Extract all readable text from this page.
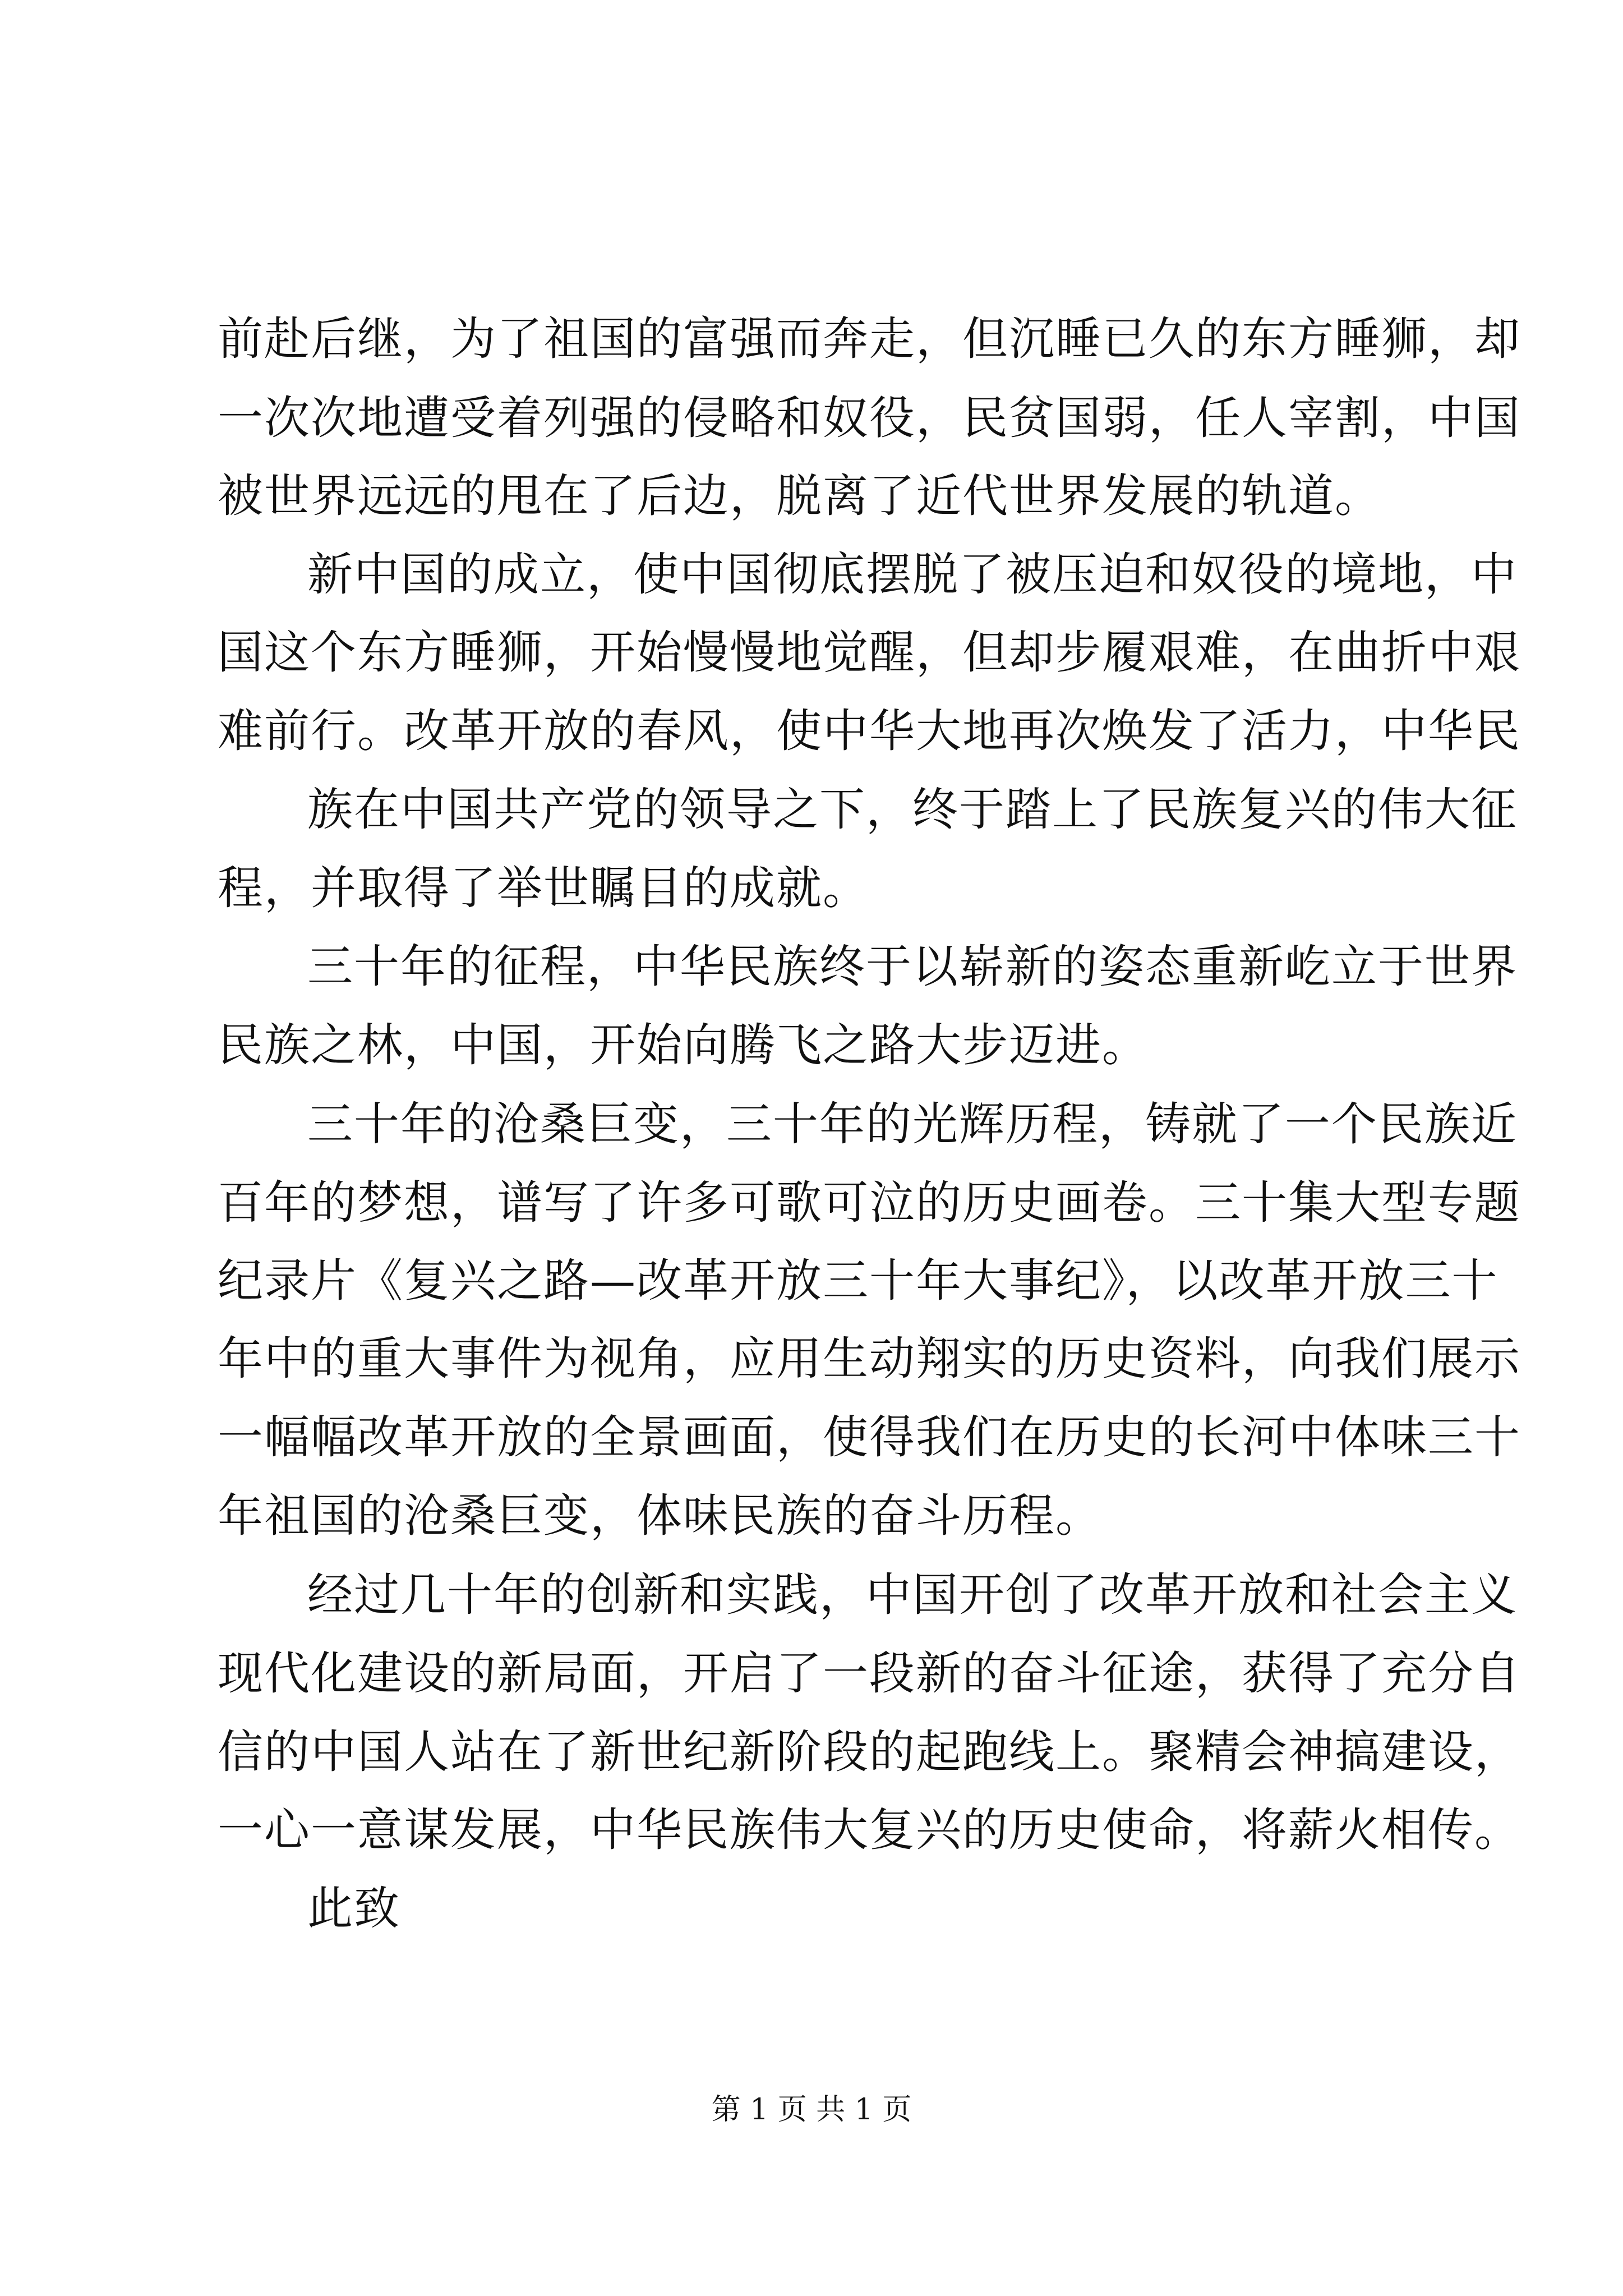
前赴后继，为了祖国的富强而奔走，但沉睡已久的东方睡狮，却
一次次地遭受着列强的侵略和奴役，民贫国弱，任人宰割，中国
被世界远远的甩在了后边，脱离了近代世界发展的轨道。
新中国的成立，使中国彻底摆脱了被压迫和奴役的境地，中
国这个东方睡狮，开始慢慢地觉醒，但却步履艰难，在曲折中艰
难前行。改革开放的春风，使中华大地再次焕发了活力，中华民
族在中国共产党的领导之下，终于踏上了民族复兴的伟大征
程，并取得了举世瞩目的成就。
三十年的征程，中华民族终于以崭新的姿态重新屹立于世界
民族之林，中国，开始向腾飞之路大步迈进。
三十年的沧桑巨变，三十年的光辉历程，铸就了一个民族近
百年的梦想，谱写了许多可歌可泣的历史画卷。三十集大型专题
纪录片《复兴之路—改革开放三十年大事纪》，以改革开放三十
年中的重大事件为视角，应用生动翔实的历史资料，向我们展示
一幅幅改革开放的全景画面，使得我们在历史的长河中体味三十
年祖国的沧桑巨变，体味民族的奋斗历程。
经过几十年的创新和实践，中国开创了改革开放和社会主义
现代化建设的新局面，开启了一段新的奋斗征途，获得了充分自
信的中国人站在了新世纪新阶段的起跑线上。聚精会神搞建设，
一心一意谋发展，中华民族伟大复兴的历史使命，将薪火相传。
此致
第 1 页 共 1 页
